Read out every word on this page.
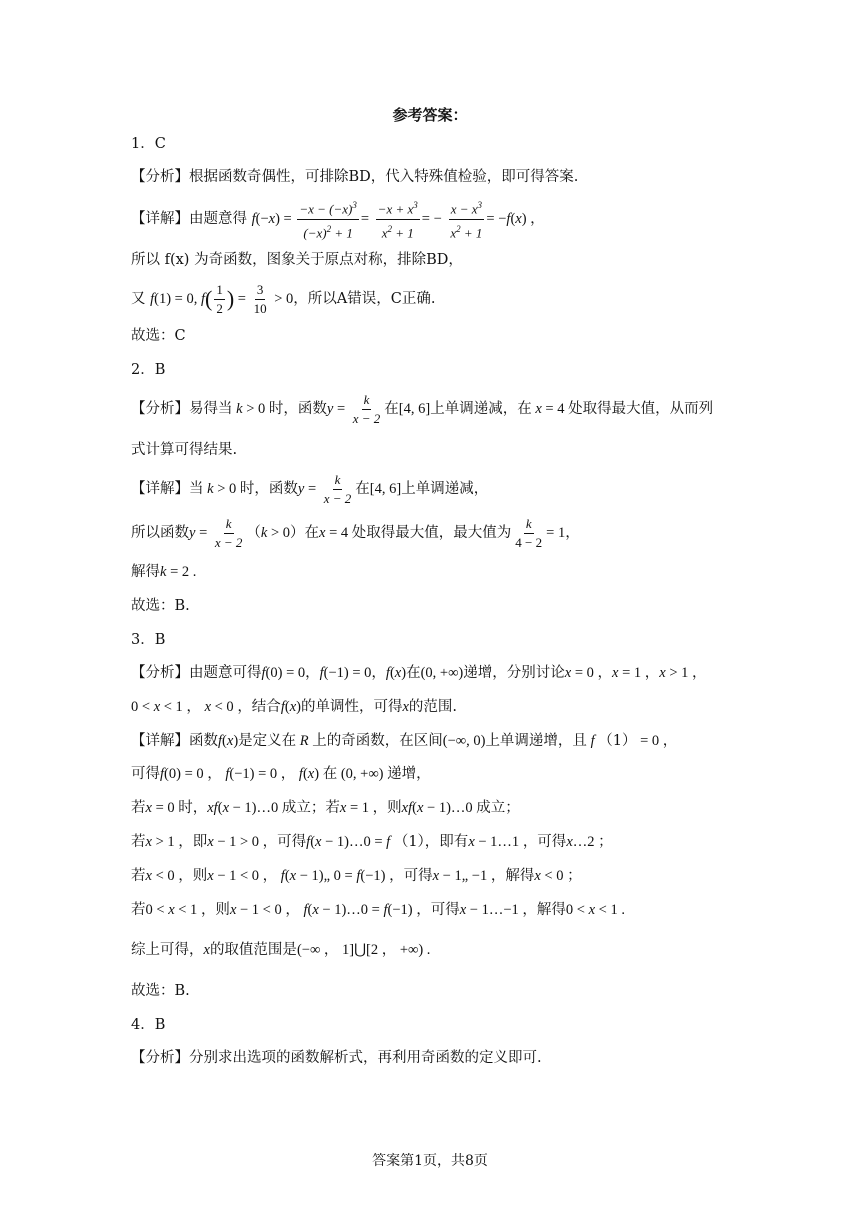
参考答案：
1．C
【分析】根据函数奇偶性，可排除BD，代入特殊值检验，即可得答案.
【详解】由题意得 $f(-x) = \frac{-x - (-x)^3}{(-x)^2 + 1} = \frac{-x + x^3}{x^2 + 1}$ = − $\frac{x - x^3}{x^2 + 1} = -f(x)$ ，
所以 f(x) 为奇函数，图象关于原点对称，排除BD，
又 f(1) = 0, $f( \frac{1}{2}$ ) = $\frac{3}{10} > 0$，所以A错误，C正确.
故选：C
2．B
【分析】易得当 k > 0 时，函数$y = \frac{k}{x - 2}$ 在[4, 6]上单调递减，在 x = 4 处取得最大值，从而列
式计算可得结果.
【详解】当 k > 0 时，函数$y = \frac{k}{x - 2}$ 在[4, 6]上单调递减，
所以函数$y = \frac{k}{x - 2} (k > 0)$在x = 4 处取得最大值，最大值为 $\frac{k}{4 - 2} = 1$，
解得k = 2 .
故选：B.
3．B
【分析】由题意可得f(0) = 0，f(−1) = 0，f(x)在(0, +∞)递增，分别讨论x = 0 ，x = 1 ，x > 1 ，
0 < x < 1 ， x < 0 ，结合f(x)的单调性，可得x的范围.
【详解】函数f(x)是定义在 R 上的奇函数，在区间(−∞, 0)上单调递增，且 f （1） = 0 ，
可得f(0) = 0 ， f(−1) = 0 ， f(x) 在 (0, +∞) 递增，
若x = 0 时，xf(x − 1)…0 成立；若x = 1 ，则xf(x − 1)…0 成立；
若x > 1 ，即x − 1 > 0 ，可得f(x − 1)…0 = f （1），即有x − 1…1 ，可得x…2 ；
若x < 0 ，则x − 1 < 0 ， f(x − 1)„ 0 = f(−1) ，可得x − 1„ −1 ，解得x < 0 ；
若0 < x < 1 ，则x − 1 < 0 ， f(x − 1)…0 = f(−1) ，可得x − 1…−1 ，解得0 < x < 1 .
综上可得，x的取值范围是(−∞ ， 1]⋃[2 ， +∞) .
故选：B.
4．B
【分析】分别求出选项的函数解析式，再利用奇函数的定义即可.
答案第1页，共8页
